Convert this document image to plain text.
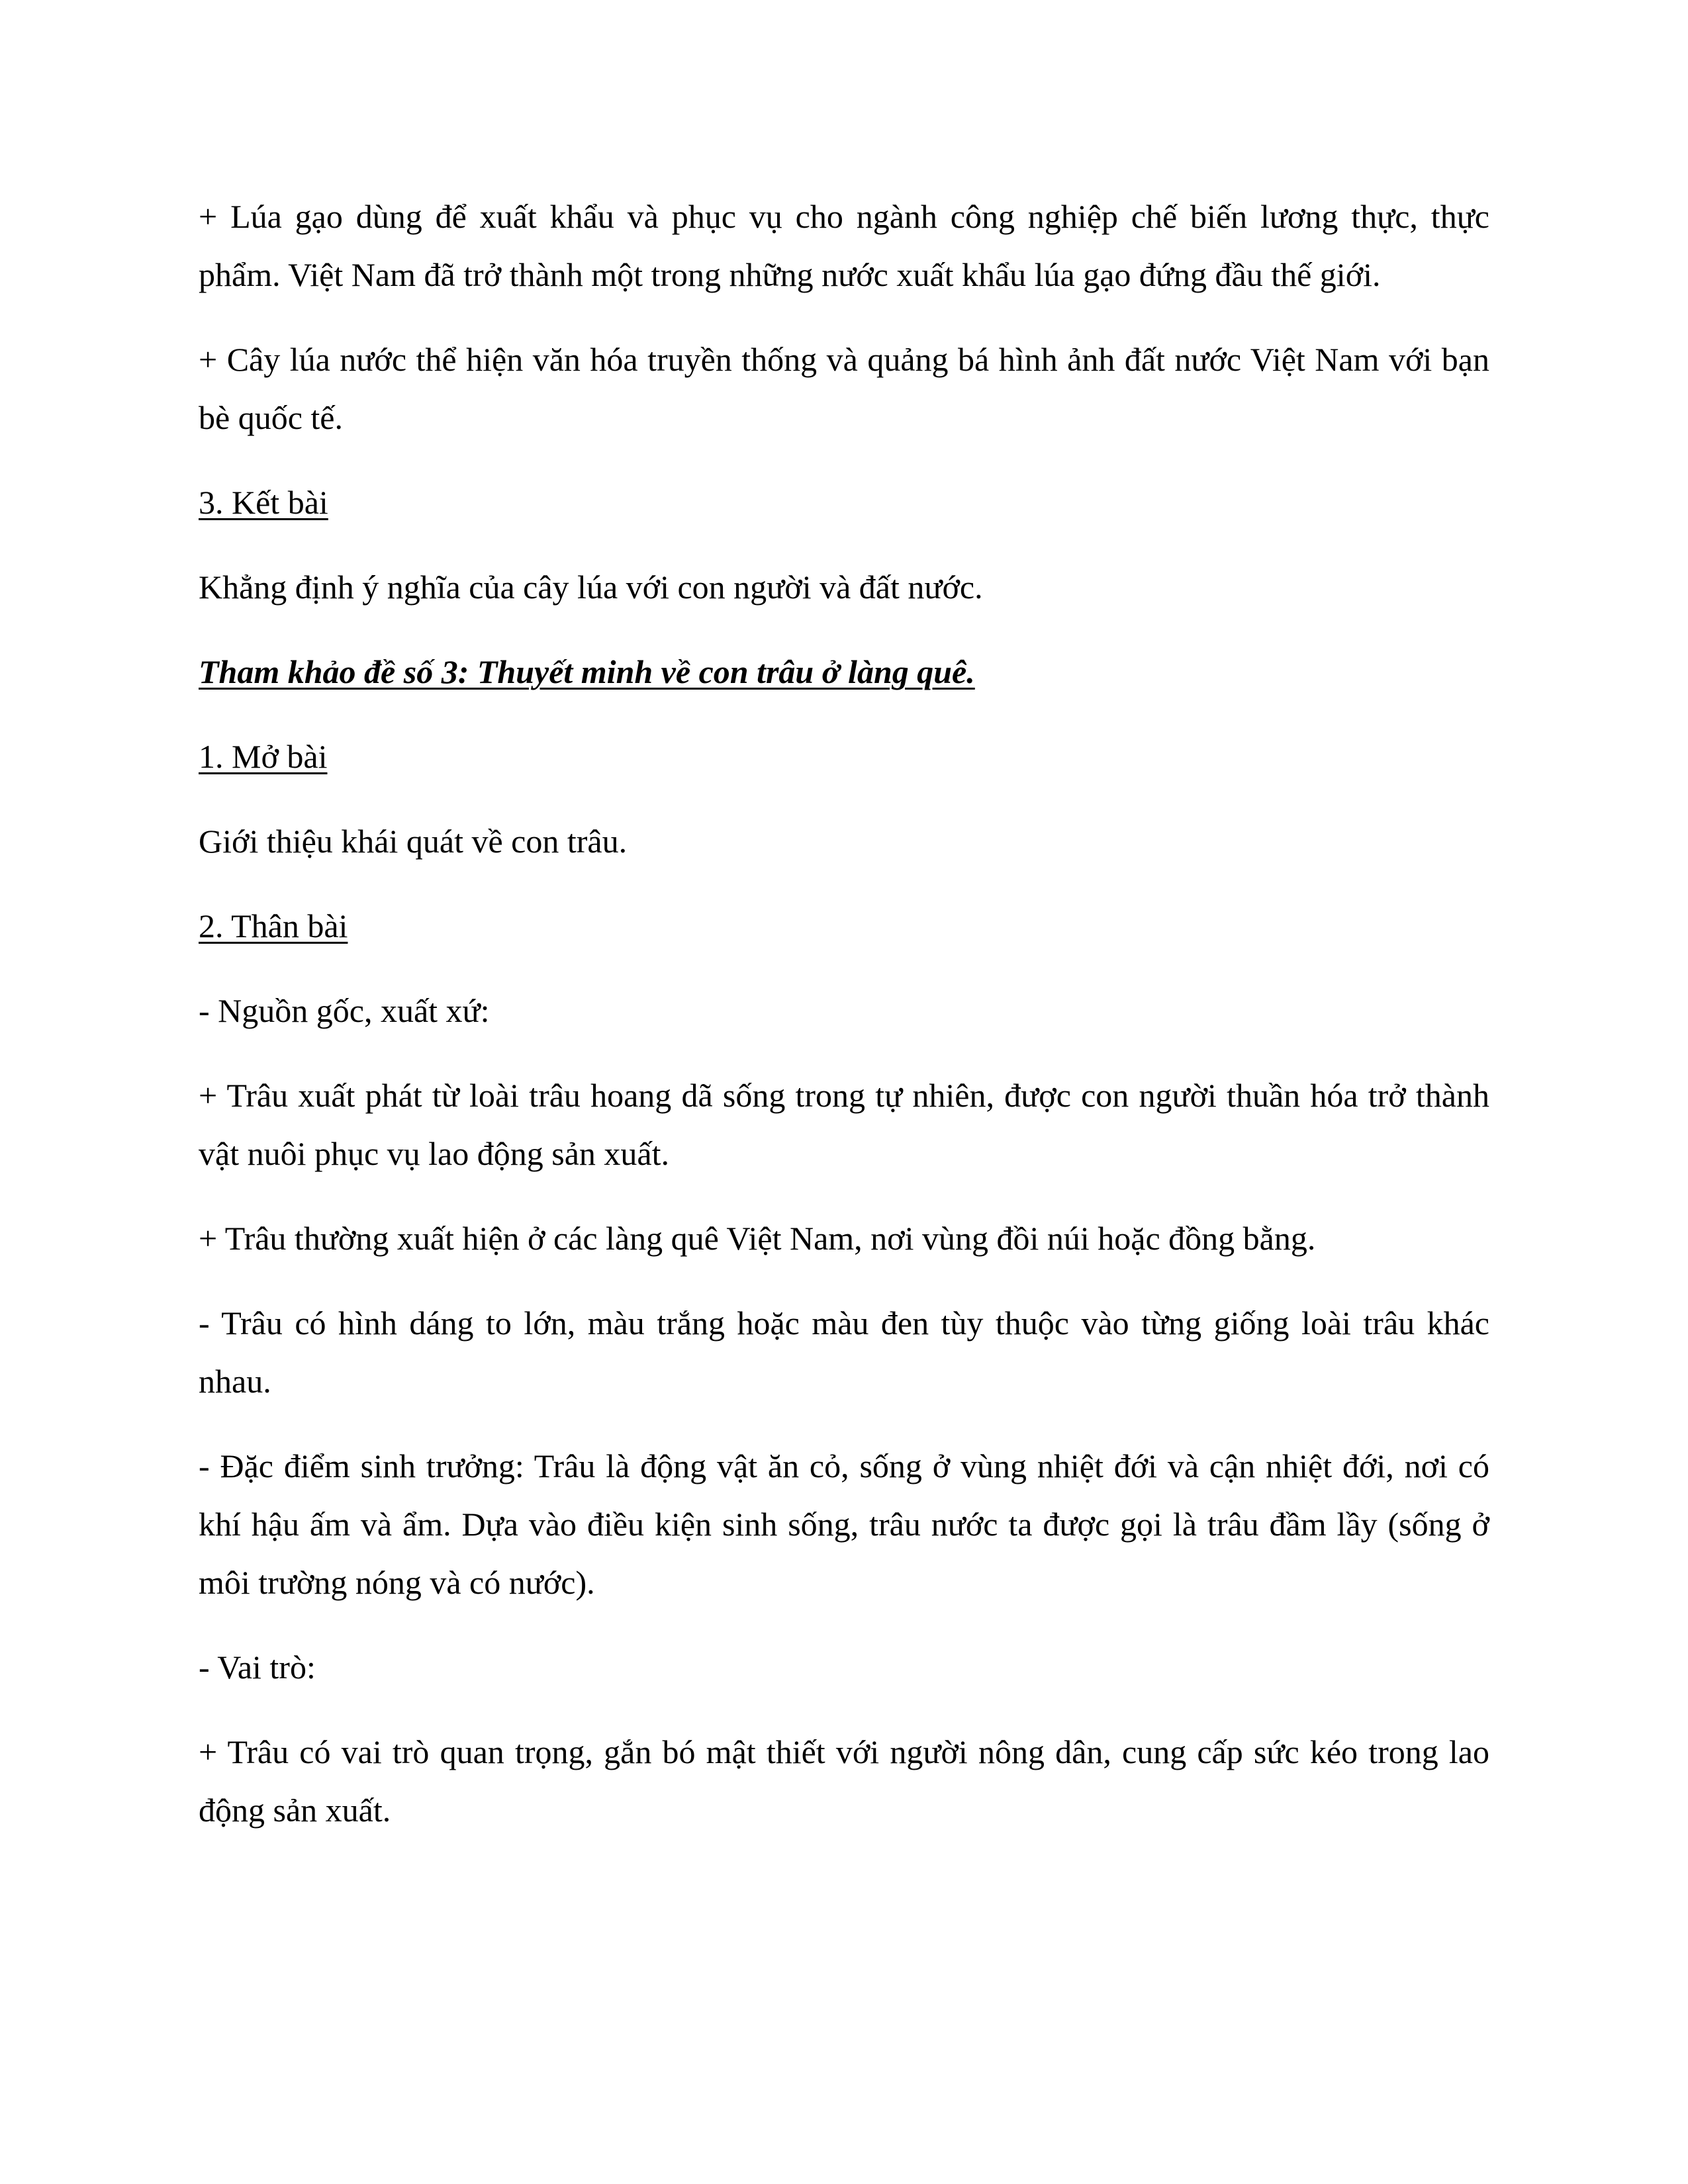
+ Lúa gạo dùng để xuất khẩu và phục vụ cho ngành công nghiệp chế biến lương thực, thực phẩm. Việt Nam đã trở thành một trong những nước xuất khẩu lúa gạo đứng đầu thế giới.

+ Cây lúa nước thể hiện văn hóa truyền thống và quảng bá hình ảnh đất nước Việt Nam với bạn bè quốc tế.

3. Kết bài

Khẳng định ý nghĩa của cây lúa với con người và đất nước.

Tham khảo đề số 3: Thuyết minh về con trâu ở làng quê.

1. Mở bài

Giới thiệu khái quát về con trâu.

2. Thân bài

- Nguồn gốc, xuất xứ:

+ Trâu xuất phát từ loài trâu hoang dã sống trong tự nhiên, được con người thuần hóa trở thành vật nuôi phục vụ lao động sản xuất.

+ Trâu thường xuất hiện ở các làng quê Việt Nam, nơi vùng đồi núi hoặc đồng bằng.

- Trâu có hình dáng to lớn, màu trắng hoặc màu đen tùy thuộc vào từng giống loài trâu khác nhau.

- Đặc điểm sinh trưởng: Trâu là động vật ăn cỏ, sống ở vùng nhiệt đới và cận nhiệt đới, nơi có khí hậu ấm và ẩm. Dựa vào điều kiện sinh sống, trâu nước ta được gọi là trâu đầm lầy (sống ở môi trường nóng và có nước).

- Vai trò:

+ Trâu có vai trò quan trọng, gắn bó mật thiết với người nông dân, cung cấp sức kéo trong lao động sản xuất.
